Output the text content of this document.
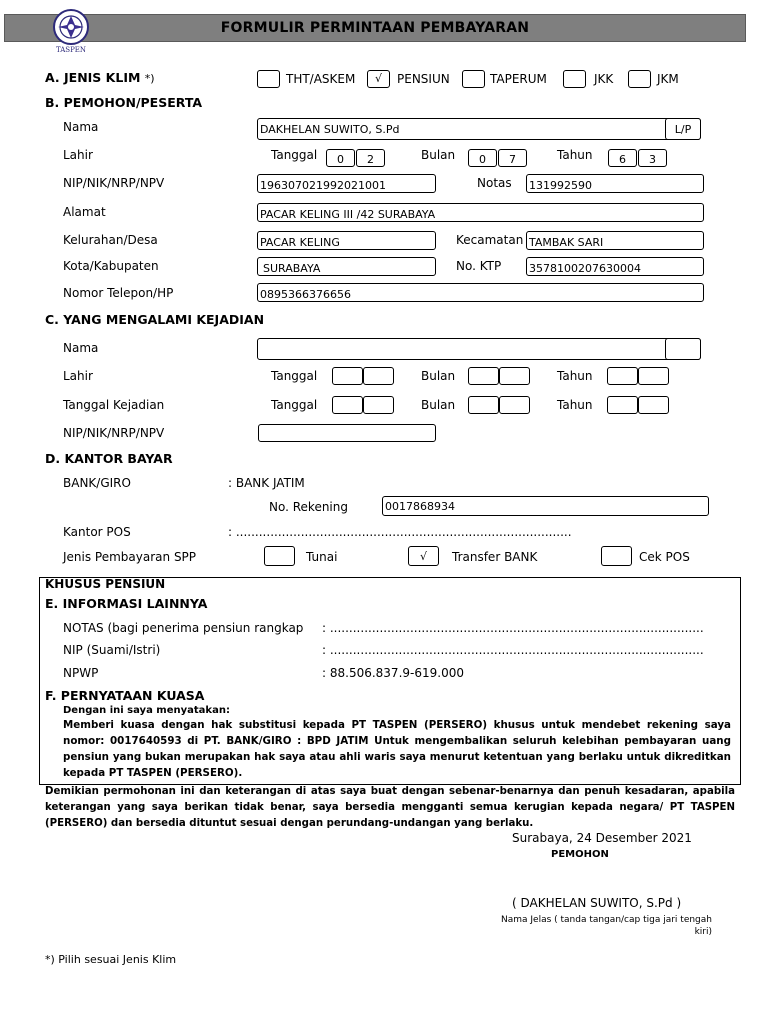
FORMULIR PERMINTAAN PEMBAYARAN
TASPEN
A. JENIS KLIM *)	THT/ASKEM	√	PENSIUN	TAPERUM	JKK	JKM
B. PEMOHON/PESERTA
Nama	DAKHELAN SUWITO, S.Pd	L/P
Lahir	Tanggal	0	2	Bulan	0	7	Tahun	6	3
NIP/NIK/NRP/NPV	196307021992021001	Notas 131992590
Alamat	PACAR KELING III /42 SURABAYA
Kelurahan/Desa	PACAR KELING	Kecamatan TAMBAK SARI
Kota/Kabupaten	SURABAYA	No. KTP	3578100207630004
Nomor Telepon/HP	0895366376656
C. YANG MENGALAMI KEJADIAN
Nama
Lahir	Tanggal	Bulan	Tahun
Tanggal Kejadian	Tanggal	Bulan	Tahun
NIP/NIK/NRP/NPV
D. KANTOR BAYAR
BANK/GIRO	: BANK JATIM
No. Rekening	0017868934
Kantor POS	: ........................................................................................
Jenis Pembayaran SPP	Tunai	√	Transfer BANK	Cek POS
KHUSUS PENSIUN
E. INFORMASI LAINNYA
NOTAS (bagi penerima pensiun rangkap : ..................................................................................................
NIP (Suami/Istri)	: ..................................................................................................
NPWP	: 88.506.837.9-619.000
F. PERNYATAAN KUASA
Dengan ini saya menyatakan:
Memberi kuasa dengan hak substitusi kepada PT TASPEN (PERSERO) khusus untuk mendebet rekening saya nomor: 0017640593 di PT. BANK/GIRO : BPD JATIM Untuk mengembalikan seluruh kelebihan pembayaran uang pensiun yang bukan merupakan hak saya atau ahli waris saya menurut ketentuan yang berlaku untuk dikreditkan kepada PT TASPEN (PERSERO).
Demikian permohonan ini dan keterangan di atas saya buat dengan sebenar-benarnya dan penuh kesadaran, apabila keterangan yang saya berikan tidak benar, saya bersedia mengganti semua kerugian kepada negara/ PT TASPEN (PERSERO) dan bersedia dituntut sesuai dengan perundang-undangan yang berlaku.
Surabaya, 24 Desember 2021
PEMOHON
( DAKHELAN SUWITO, S.Pd )
Nama Jelas ( tanda tangan/cap tiga jari tengah kiri)
*) Pilih sesuai Jenis Klim
